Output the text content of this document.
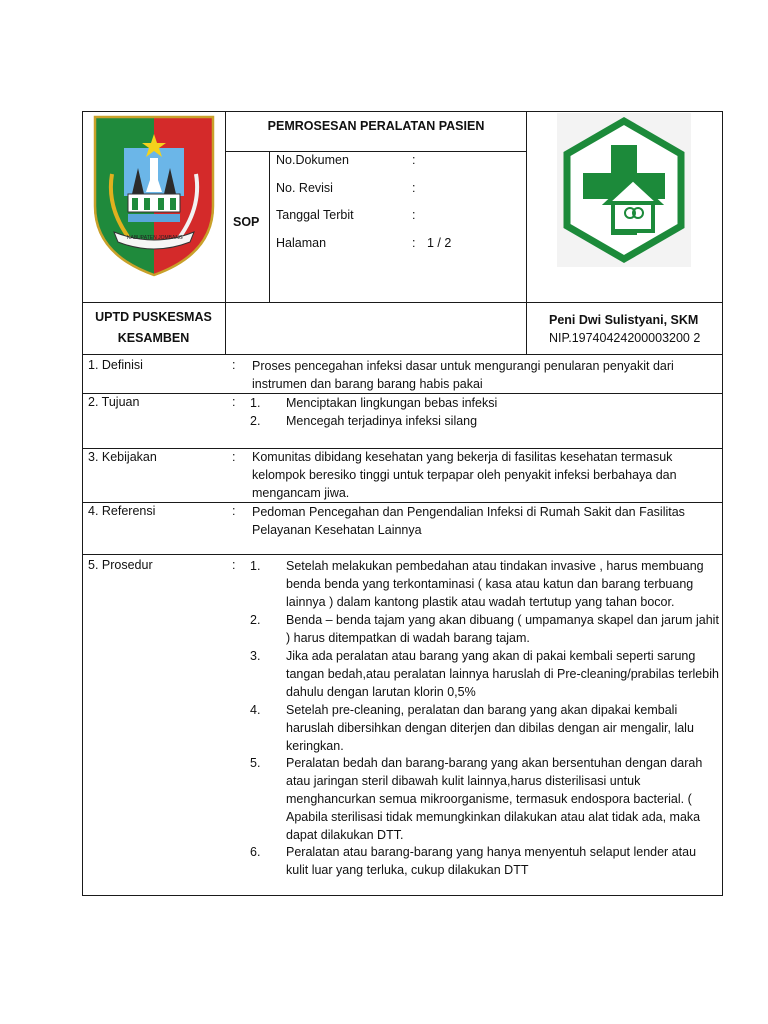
KABUPATEN JOMBANG
PEMROSESAN PERALATAN PASIEN
SOP
No.Dokumen	:
No. Revisi	:
Tanggal Terbit	:
Halaman	: 1 / 2
UPTD PUSKESMAS
KESAMBEN
Peni Dwi Sulistyani, SKM
NIP.19740424200003200 2
1. Definisi	: Proses pencegahan infeksi dasar untuk mengurangi penularan penyakit dari
instrumen dan barang barang habis pakai
2. Tujuan	: 1. Menciptakan lingkungan bebas infeksi
2. Mencegah terjadinya infeksi silang
3. Kebijakan	: Komunitas dibidang kesehatan yang bekerja di fasilitas kesehatan termasuk
kelompok beresiko tinggi untuk terpapar oleh penyakit infeksi berbahaya dan
mengancam jiwa.
4. Referensi	: Pedoman Pencegahan dan Pengendalian Infeksi di Rumah Sakit dan Fasilitas
Pelayanan Kesehatan Lainnya
5. Prosedur	: 1. Setelah melakukan pembedahan atau tindakan invasive , harus membuang
benda benda yang terkontaminasi ( kasa atau katun dan barang terbuang
lainnya ) dalam kantong plastik atau wadah tertutup yang tahan bocor.
2. Benda – benda tajam yang akan dibuang ( umpamanya skapel dan jarum jahit
) harus ditempatkan di wadah barang tajam.
3. Jika ada peralatan atau barang yang akan di pakai kembali seperti sarung
tangan bedah,atau peralatan lainnya haruslah di Pre-cleaning/prabilas terlebih
dahulu dengan larutan klorin 0,5%
4. Setelah pre-cleaning, peralatan dan barang yang akan dipakai kembali
haruslah dibersihkan dengan diterjen dan dibilas dengan air mengalir, lalu
keringkan.
5. Peralatan bedah dan barang-barang yang akan bersentuhan dengan darah
atau jaringan steril dibawah kulit lainnya,harus disterilisasi untuk
menghancurkan semua mikroorganisme, termasuk endospora bacterial. (
Apabila sterilisasi tidak memungkinkan dilakukan atau alat tidak ada, maka
dapat dilakukan DTT.
6. Peralatan atau barang-barang yang hanya menyentuh selaput lender atau
kulit luar yang terluka, cukup dilakukan DTT
